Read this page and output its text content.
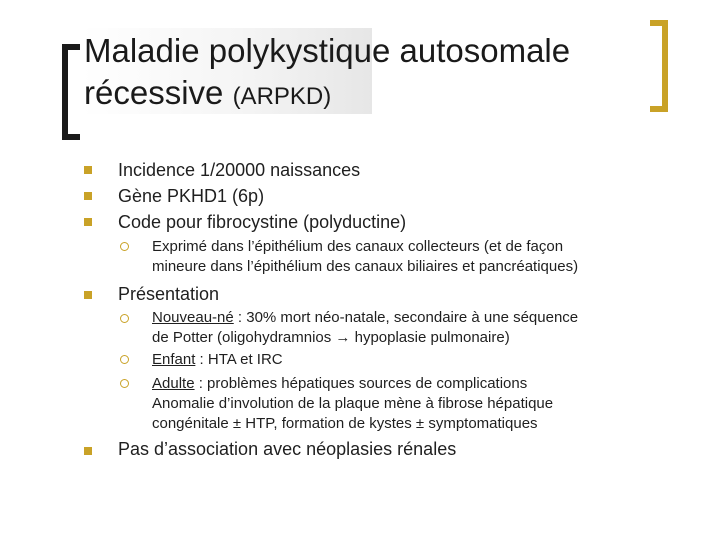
Maladie polykystique autosomale
récessive (ARPKD)
Incidence 1/20000 naissances
Gène PKHD1 (6p)
Code pour fibrocystine (polyductine)
Exprimé dans l’épithélium des canaux collecteurs (et de façon
mineure dans l’épithélium des canaux biliaires et pancréatiques)
Présentation
Nouveau-né : 30% mort néo-natale, secondaire à une séquence
de Potter (oligohydramnios → hypoplasie pulmonaire)
Enfant : HTA et IRC
Adulte : problèmes hépatiques sources de complications
Anomalie d’involution de la plaque mène à fibrose hépatique
congénitale ± HTP, formation de kystes ± symptomatiques
Pas d’association avec néoplasies rénales
